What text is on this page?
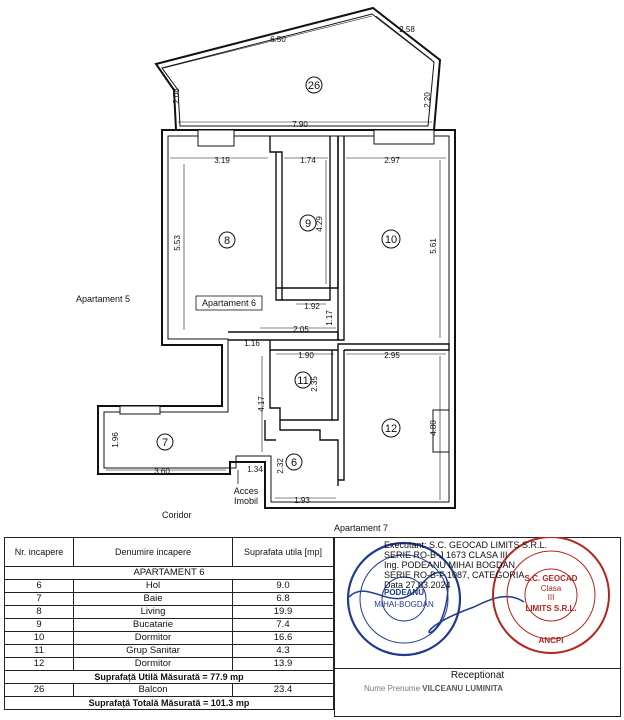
26
8
9
10
11
12
7
6
6.50
2.58
2.08	2.20
7.90
3.19	1.74	2.97
5.53
4.29
5.61
1.92
1.17
2.05
1.16
1.90	2.95
2.35
4.17
4.80
1.96
3.60	1.34 2.32
1.93
Apartament 5	Apartament 6
Coridor
Acces
Imobil
Apartament 7
Nr. incapere	Denumire incapere	Suprafata utila [mp]
APARTAMENT 6		
6	Hol	9.0
7	Baie	6.8
8	Living	19.9
9	Bucatarie	7.4
10	Dormitor	16.6
11	Grup Sanitar	4.3
12	Dormitor	13.9
Suprafață Utilă Măsurată = 77.9 mp		
26	Balcon	23.4
Suprafață Totală Măsurată = 101.3 mp		
PODEANU
MIHAI-BOGDAN
S.C. GEOCAD
Clasa
III
LIMITS S.R.L.
ANCPI
Executant: S.C. GEOCAD LIMITS S.R.L.
SERIE RO-B-J 1673 CLASA III
Ing. PODEANU MIHAI BOGDAN
SERIE RO-B-F 1087, CATEGORIA
Data 27.03.2024
Receptionat
Nume Prenume VILCEANU LUMINITA
